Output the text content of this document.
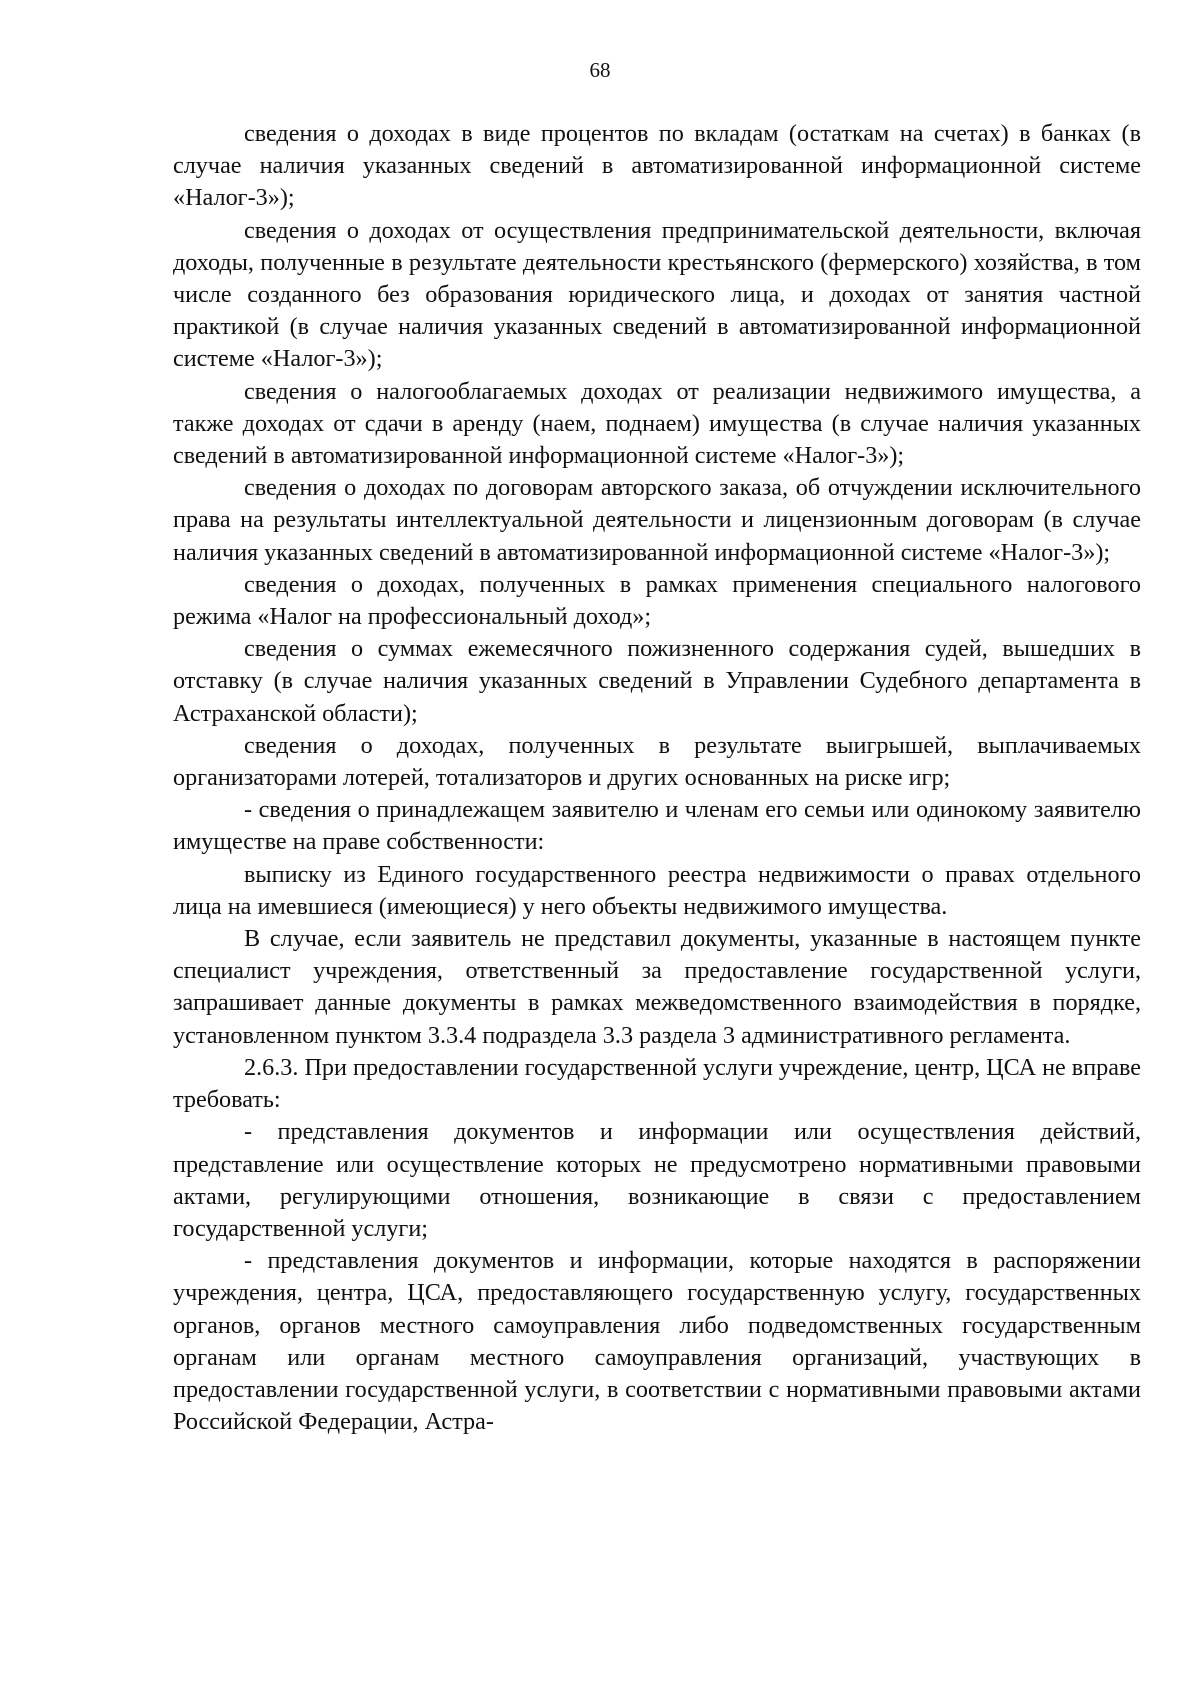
68

сведения о доходах в виде процентов по вкладам (остаткам на счетах) в банках (в случае наличия указанных сведений в автоматизированной информационной системе «Налог-3»);

сведения о доходах от осуществления предпринимательской деятельности, включая доходы, полученные в результате деятельности крестьянского (фермерского) хозяйства, в том числе созданного без образования юридического лица, и доходах от занятия частной практикой (в случае наличия указанных сведений в автоматизированной информационной системе «Налог-3»);

сведения о налогооблагаемых доходах от реализации недвижимого имущества, а также доходах от сдачи в аренду (наем, поднаем) имущества (в случае наличия указанных сведений в автоматизированной информационной системе «Налог-3»);

сведения о доходах по договорам авторского заказа, об отчуждении исключительного права на результаты интеллектуальной деятельности и лицензионным договорам (в случае наличия указанных сведений в автоматизированной информационной системе «Налог-3»);

сведения о доходах, полученных в рамках применения специального налогового режима «Налог на профессиональный доход»;

сведения о суммах ежемесячного пожизненного содержания судей, вышедших в отставку (в случае наличия указанных сведений в Управлении Судебного департамента в Астраханской области);

сведения о доходах, полученных в результате выигрышей, выплачиваемых организаторами лотерей, тотализаторов и других основанных на риске игр;

- сведения о принадлежащем заявителю и членам его семьи или одинокому заявителю имуществе на праве собственности:

выписку из Единого государственного реестра недвижимости о правах отдельного лица на имевшиеся (имеющиеся) у него объекты недвижимого имущества.

В случае, если заявитель не представил документы, указанные в настоящем пункте специалист учреждения, ответственный за предоставление государственной услуги, запрашивает данные документы в рамках межведомственного взаимодействия в порядке, установленном пунктом 3.3.4 подраздела 3.3 раздела 3 административного регламента.

2.6.3. При предоставлении государственной услуги учреждение, центр, ЦСА не вправе требовать:

- представления документов и информации или осуществления действий, представление или осуществление которых не предусмотрено нормативными правовыми актами, регулирующими отношения, возникающие в связи с предоставлением государственной услуги;

- представления документов и информации, которые находятся в распоряжении учреждения, центра, ЦСА, предоставляющего государственную услугу, государственных органов, органов местного самоуправления либо подведомственных государственным органам или органам местного самоуправления организаций, участвующих в предоставлении государственной услуги, в соответствии с нормативными правовыми актами Российской Федерации, Астра-
